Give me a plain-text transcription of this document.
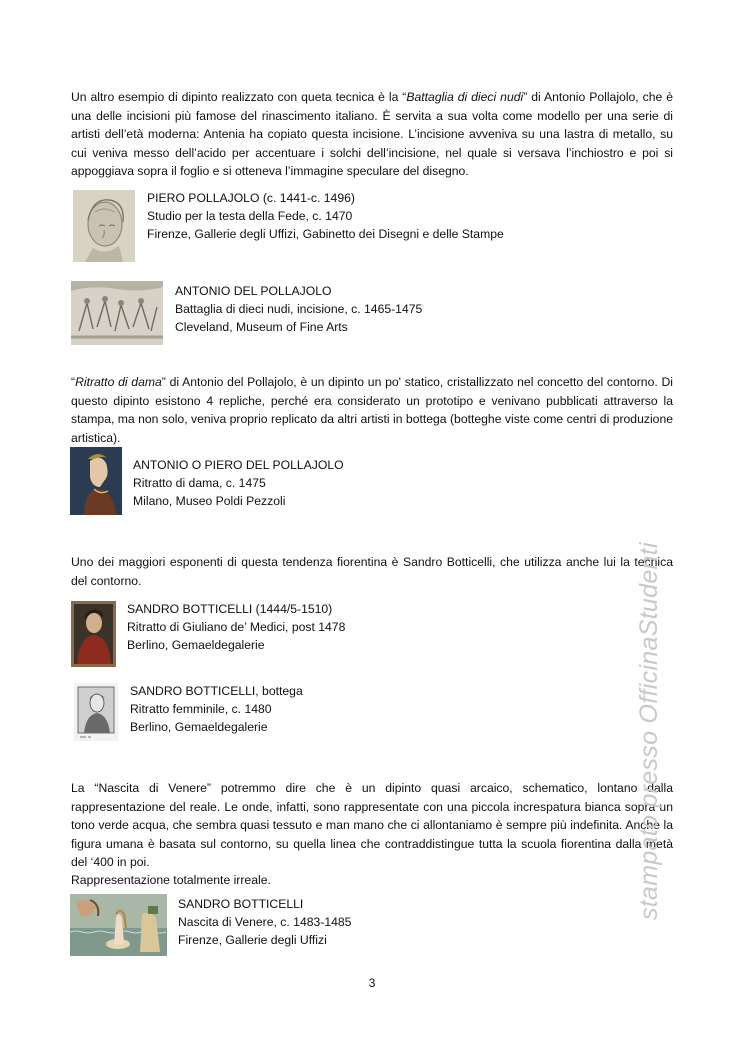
Un altro esempio di dipinto realizzato con queta tecnica è la “Battaglia di dieci nudi” di Antonio Pollajolo, che è una delle incisioni più famose del rinascimento italiano. È servita a sua volta come modello per una serie di artisti dell’età moderna: Antenia ha copiato questa incisione. L’incisione avveniva su una lastra di metallo, su cui veniva messo dell’acido per accentuare i solchi dell’incisione, nel quale si versava l’inchiostro e poi si appoggiava sopra il foglio e si otteneva l’immagine speculare del disegno.

PIERO POLLAJOLO (c. 1441-c. 1496)
Studio per la testa della Fede, c. 1470
Firenze, Gallerie degli Uffizi, Gabinetto dei Disegni e delle Stampe
ANTONIO DEL POLLAJOLO
Battaglia di dieci nudi, incisione, c. 1465-1475
Cleveland, Museum of Fine Arts

“Ritratto di dama” di Antonio del Pollajolo, è un dipinto un po' statico, cristallizzato nel concetto del contorno. Di questo dipinto esistono 4 repliche, perché era considerato un prototipo e venivano pubblicati attraverso la stampa, ma non solo, veniva proprio replicato da altri artisti in bottega (botteghe viste come centri di produzione artistica).

ANTONIO O PIERO DEL POLLAJOLO
Ritratto di dama, c. 1475
Milano, Museo Poldi Pezzoli

Uno dei maggiori esponenti di questa tendenza fiorentina è Sandro Botticelli, che utilizza anche lui la tecnica del contorno.

SANDRO BOTTICELLI (1444/5-1510)
Ritratto di Giuliano de’ Medici, post 1478
Berlino, Gemaeldegalerie
SANDRO BOTTICELLI, bottega
Ritratto femminile, c. 1480
Berlino, Gemaeldegalerie

La “Nascita di Venere” potremmo dire che è un dipinto quasi arcaico, schematico, lontano dalla rappresentazione del reale. Le onde, infatti, sono rappresentate con una piccola increspatura bianca sopra un tono verde acqua, che sembra quasi tessuto e man mano che ci allontaniamo è sempre più indefinita. Anche la figura umana è basata sul contorno, su quella linea che contraddistingue tutta la scuola fiorentina dalla metà del ‘400 in poi.

Rappresentazione totalmente irreale.

SANDRO BOTTICELLI
Nascita di Venere, c. 1483-1485
Firenze, Gallerie degli Uffizi
stampato presso OfficinaStudenti
3
